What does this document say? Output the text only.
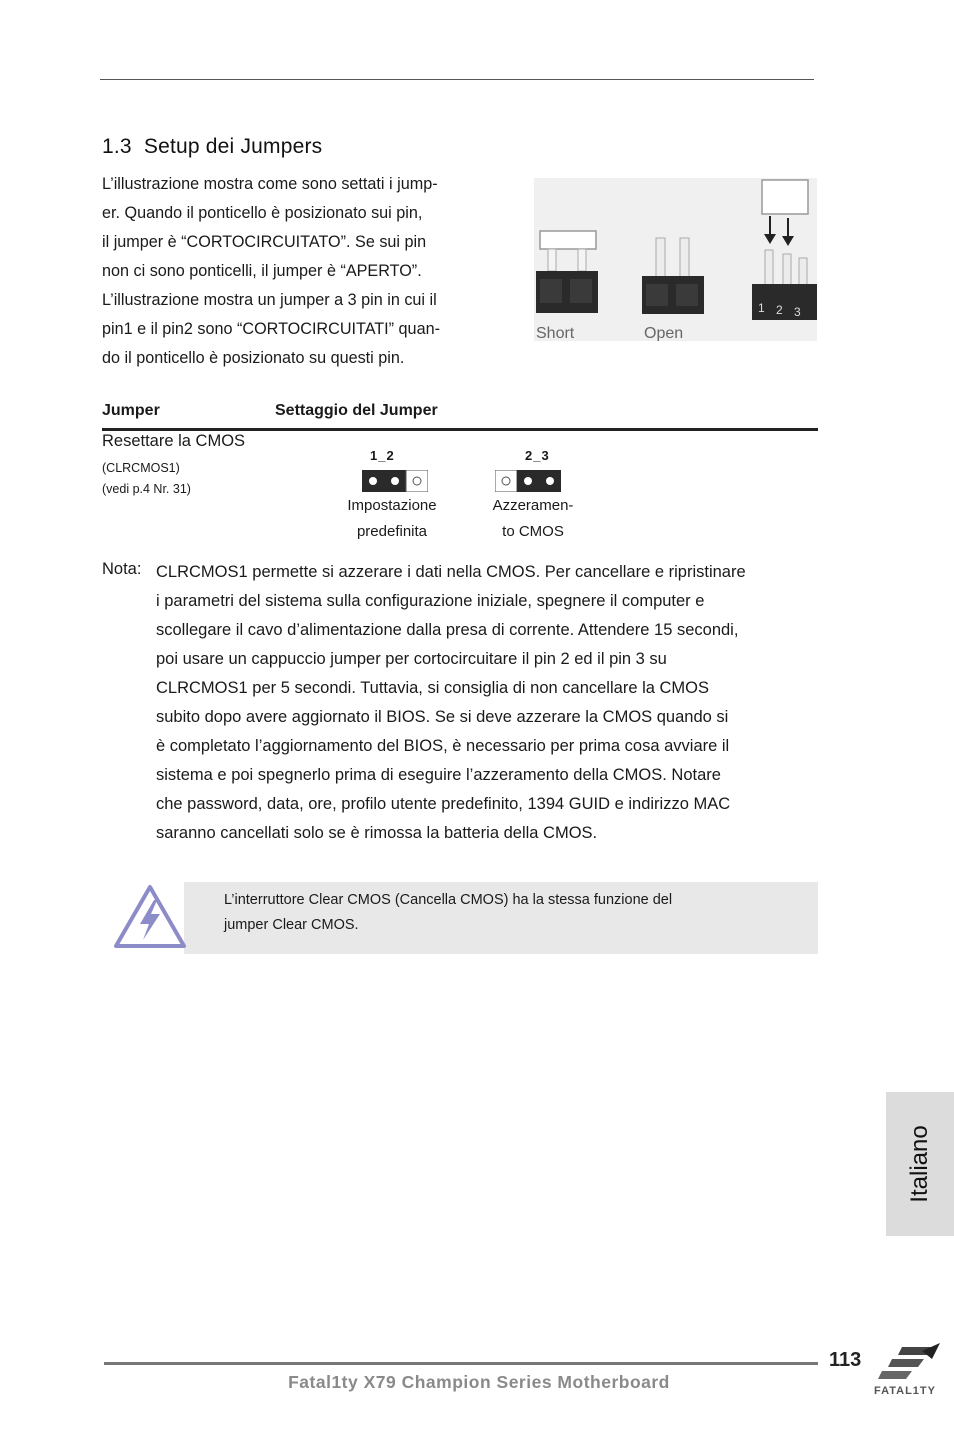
1.3 Setup dei Jumpers
L’illustrazione mostra come sono settati i jump-
er. Quando il ponticello è posizionato sui pin,
il jumper è “CORTOCIRCUITATO”. Se sui pin
non ci sono ponticelli, il jumper è “APERTO”.
L’illustrazione mostra un jumper a 3 pin in cui il
pin1 e il pin2 sono “CORTOCIRCUITATI” quan-
do il ponticello è posizionato su questi pin.
Short	Open
1 2 3
Jumper	Settaggio del Jumper
Resettare la CMOS
(CLRCMOS1)
(vedi p.4 Nr. 31)
1_2
Impostazione
predefinita
2_3
Azzeramen-
to CMOS
Nota: CLRCMOS1 permette si azzerare i dati nella CMOS. Per cancellare e ripristinare
i parametri del sistema sulla configurazione iniziale, spegnere il computer e
scollegare il cavo d’alimentazione dalla presa di corrente. Attendere 15 secondi,
poi usare un cappuccio jumper per cortocircuitare il pin 2 ed il pin 3 su
CLRCMOS1 per 5 secondi. Tuttavia, si consiglia di non cancellare la CMOS
subito dopo avere aggiornato il BIOS. Se si deve azzerare la CMOS quando si
è completato l’aggiornamento del BIOS, è necessario per prima cosa avviare il
sistema e poi spegnerlo prima di eseguire l’azzeramento della CMOS. Notare
che password, data, ore, profilo utente predefinito, 1394 GUID e indirizzo MAC
saranno cancellati solo se è rimossa la batteria della CMOS.
L’interruttore Clear CMOS (Cancella CMOS) ha la stessa funzione del
jumper Clear CMOS.
Italiano
113
Fatal1ty X79 Champion Series Motherboard	FATAL1TY
